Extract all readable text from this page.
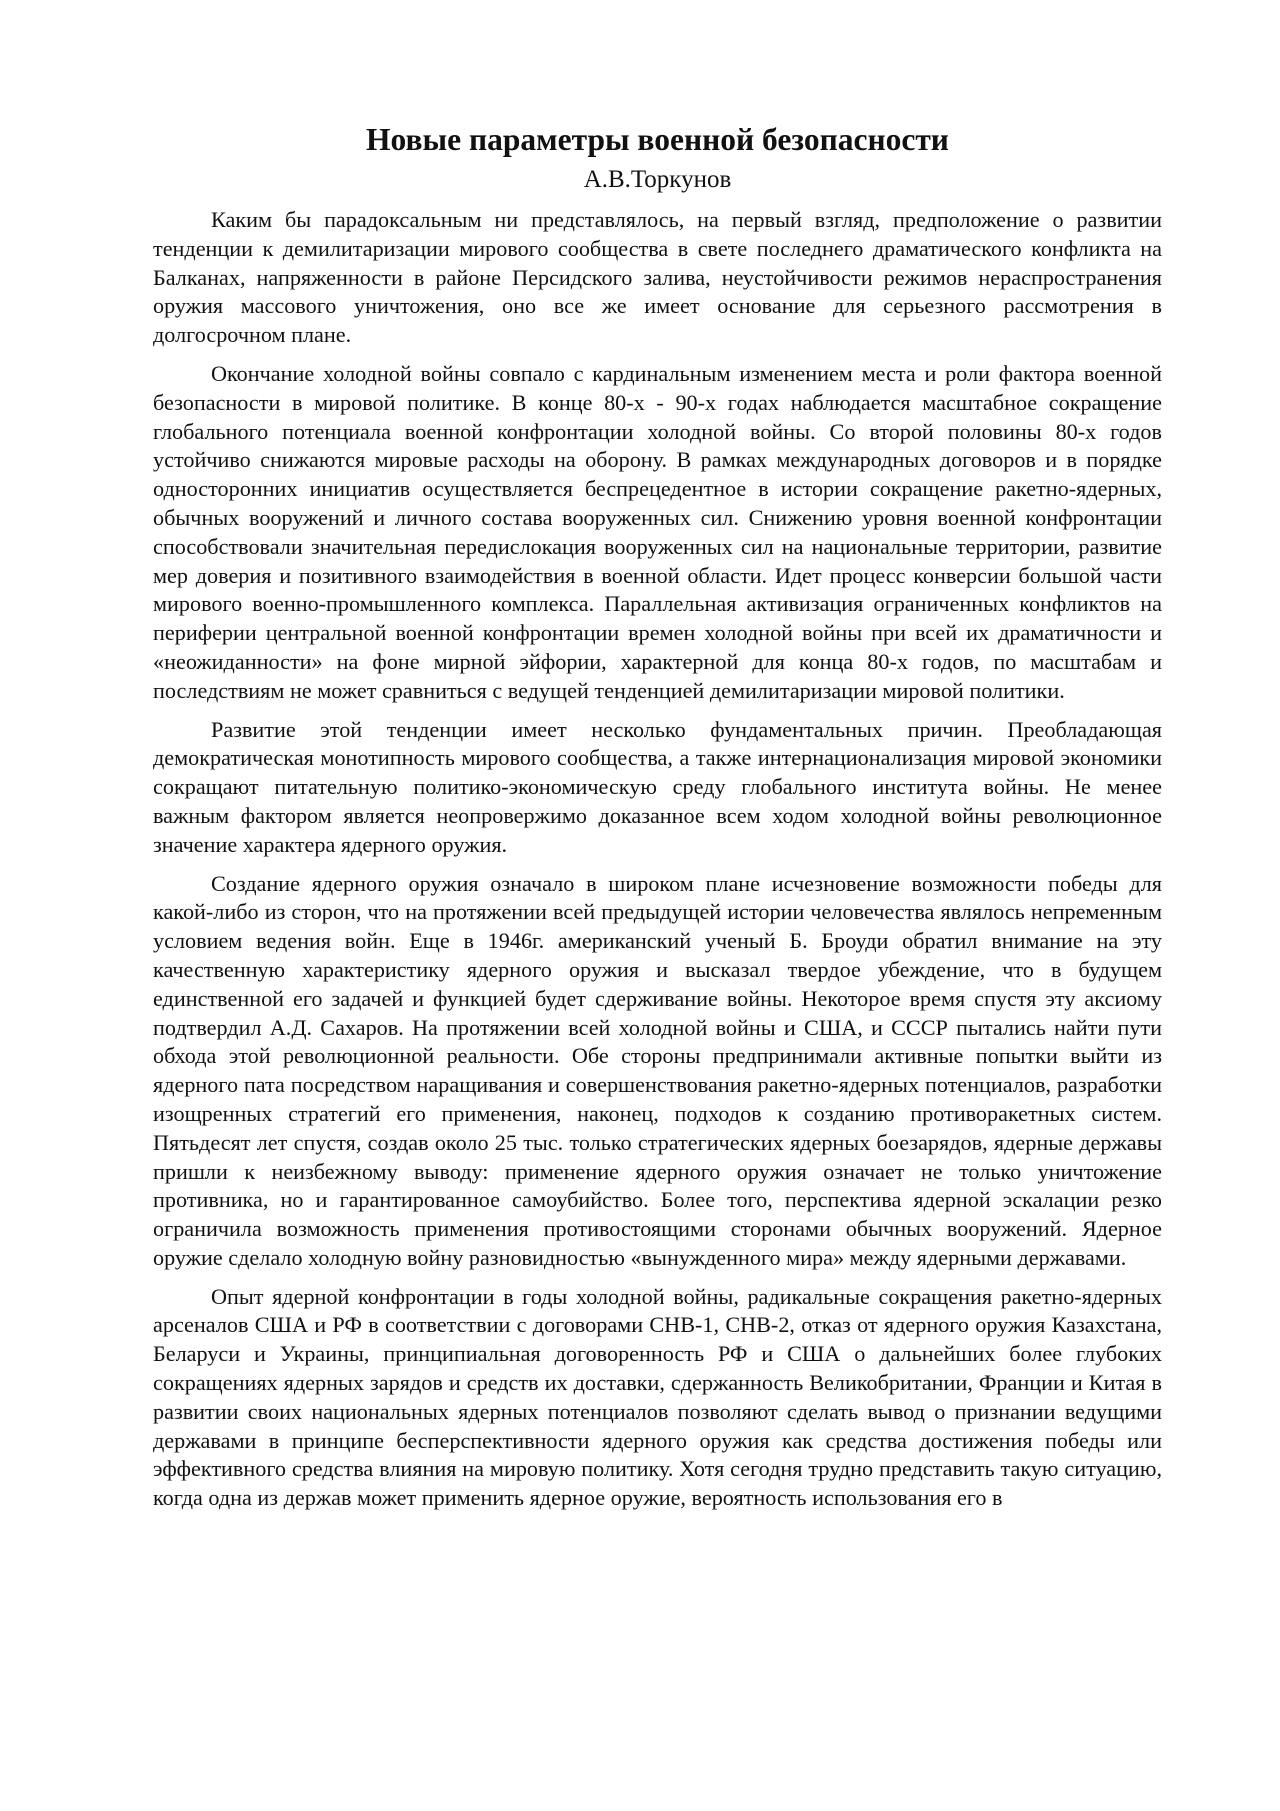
Новые параметры военной безопасности
А.В.Торкунов

Каким бы парадоксальным ни представлялось, на первый взгляд, предположение о развитии тенденции к демилитаризации мирового сообщества в свете последнего драматического конфликта на Балканах, напряженности в районе Персидского залива, неустойчивости режимов нераспространения оружия массового уничтожения, оно все же имеет основание для серьезного рассмотрения в долгосрочном плане.

Окончание холодной войны совпало с кардинальным изменением места и роли фактора военной безопасности в мировой политике. В конце 80-х - 90-х годах наблюдается масштабное сокращение глобального потенциала военной конфронтации холодной войны. Со второй половины 80-х годов устойчиво снижаются мировые расходы на оборону. В рамках международных договоров и в порядке односторонних инициатив осуществляется беспрецедентное в истории сокращение ракетно-ядерных, обычных вооружений и личного состава вооруженных сил. Снижению уровня военной конфронтации способствовали значительная передислокация вооруженных сил на национальные территории, развитие мер доверия и позитивного взаимодействия в военной области. Идет процесс конверсии большой части мирового военно-промышленного комплекса. Параллельная активизация ограниченных конфликтов на периферии центральной военной конфронтации времен холодной войны при всей их драматичности и «неожиданности» на фоне мирной эйфории, характерной для конца 80-х годов, по масштабам и последствиям не может сравниться с ведущей тенденцией демилитаризации мировой политики.

Развитие этой тенденции имеет несколько фундаментальных причин. Преобладающая демократическая монотипность мирового сообщества, а также интернационализация мировой экономики сокращают питательную политико-экономическую среду глобального института войны. Не менее важным фактором является неопровержимо доказанное всем ходом холодной войны революционное значение характера ядерного оружия.

Создание ядерного оружия означало в широком плане исчезновение возможности победы для какой-либо из сторон, что на протяжении всей предыдущей истории человечества являлось непременным условием ведения войн. Еще в 1946г. американский ученый Б. Броуди обратил внимание на эту качественную характеристику ядерного оружия и высказал твердое убеждение, что в будущем единственной его задачей и функцией будет сдерживание войны. Некоторое время спустя эту аксиому подтвердил А.Д. Сахаров. На протяжении всей холодной войны и США, и СССР пытались найти пути обхода этой революционной реальности. Обе стороны предпринимали активные попытки выйти из ядерного пата посредством наращивания и совершенствования ракетно-ядерных потенциалов, разработки изощренных стратегий его применения, наконец, подходов к созданию противоракетных систем. Пятьдесят лет спустя, создав около 25 тыс. только стратегических ядерных боезарядов, ядерные державы пришли к неизбежному выводу: применение ядерного оружия означает не только уничтожение противника, но и гарантированное самоубийство. Более того, перспектива ядерной эскалации резко ограничила возможность применения противостоящими сторонами обычных вооружений. Ядерное оружие сделало холодную войну разновидностью «вынужденного мира» между ядерными державами.

Опыт ядерной конфронтации в годы холодной войны, радикальные сокращения ракетно-ядерных арсеналов США и РФ в соответствии с договорами СНВ-1, СНВ-2, отказ от ядерного оружия Казахстана, Беларуси и Украины, принципиальная договоренность РФ и США о дальнейших более глубоких сокращениях ядерных зарядов и средств их доставки, сдержанность Великобритании, Франции и Китая в развитии своих национальных ядерных потенциалов позволяют сделать вывод о признании ведущими державами в принципе бесперспективности ядерного оружия как средства достижения победы или эффективного средства влияния на мировую политику. Хотя сегодня трудно представить такую ситуацию, когда одна из держав может применить ядерное оружие, вероятность использования его в
